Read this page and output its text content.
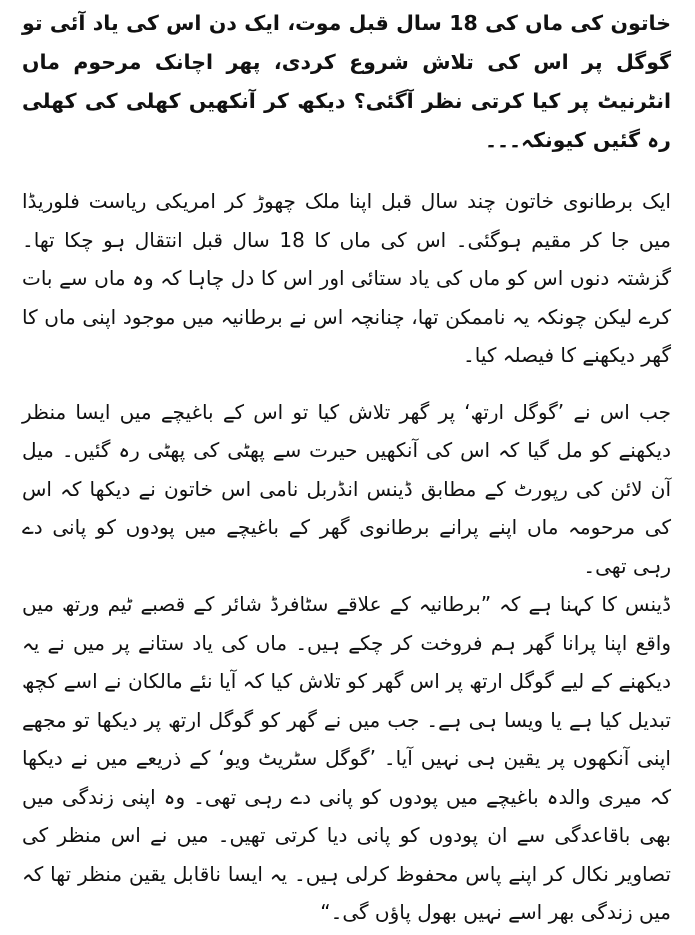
خاتون کی ماں کی 18 سال قبل موت، ایک دن اس کی یاد آئی تو گوگل پر اس کی تلاش شروع کردی، پھر اچانک مرحوم ماں انٹرنیٹ پر کیا کرتی نظر آگئی؟ دیکھ کر آنکھیں کھلی کی کھلی رہ گئیں کیونکہ۔۔۔

ایک برطانوی خاتون چند سال قبل اپنا ملک چھوڑ کر امریکی ریاست فلوریڈا میں جا کر مقیم ہوگئی۔ اس کی ماں کا 18 سال قبل انتقال ہو چکا تھا۔ گزشتہ دنوں اس کو ماں کی یاد ستائی اور اس کا دل چاہا کہ وہ ماں سے بات کرے لیکن چونکہ یہ ناممکن تھا، چنانچہ اس نے برطانیہ میں موجود اپنی ماں کا گھر دیکھنے کا فیصلہ کیا۔

جب اس نے ’گوگل ارتھ‘ پر گھر تلاش کیا تو اس کے باغیچے میں ایسا منظر دیکھنے کو مل گیا کہ اس کی آنکھیں حیرت سے پھٹی کی پھٹی رہ گئیں۔ میل آن لائن کی رپورٹ کے مطابق ڈینس انڈربل نامی اس خاتون نے دیکھا کہ اس کی مرحومہ ماں اپنے پرانے برطانوی گھر کے باغیچے میں پودوں کو پانی دے رہی تھی۔

ڈینس کا کہنا ہے کہ ”برطانیہ کے علاقے سٹافرڈ شائر کے قصبے ٹیم ورتھ میں واقع اپنا پرانا گھر ہم فروخت کر چکے ہیں۔ ماں کی یاد ستانے پر میں نے یہ دیکھنے کے لیے گوگل ارتھ پر اس گھر کو تلاش کیا کہ آیا نئے مالکان نے اسے کچھ تبدیل کیا ہے یا ویسا ہی ہے۔ جب میں نے گھر کو گوگل ارتھ پر دیکھا تو مجھے اپنی آنکھوں پر یقین ہی نہیں آیا۔ ’گوگل سٹریٹ ویو‘ کے ذریعے میں نے دیکھا کہ میری والدہ باغیچے میں پودوں کو پانی دے رہی تھی۔ وہ اپنی زندگی میں بھی باقاعدگی سے ان پودوں کو پانی دیا کرتی تھیں۔ میں نے اس منظر کی تصاویر نکال کر اپنے پاس محفوظ کرلی ہیں۔ یہ ایسا ناقابل یقین منظر تھا کہ میں زندگی بھر اسے نہیں بھول پاؤں گی۔“
